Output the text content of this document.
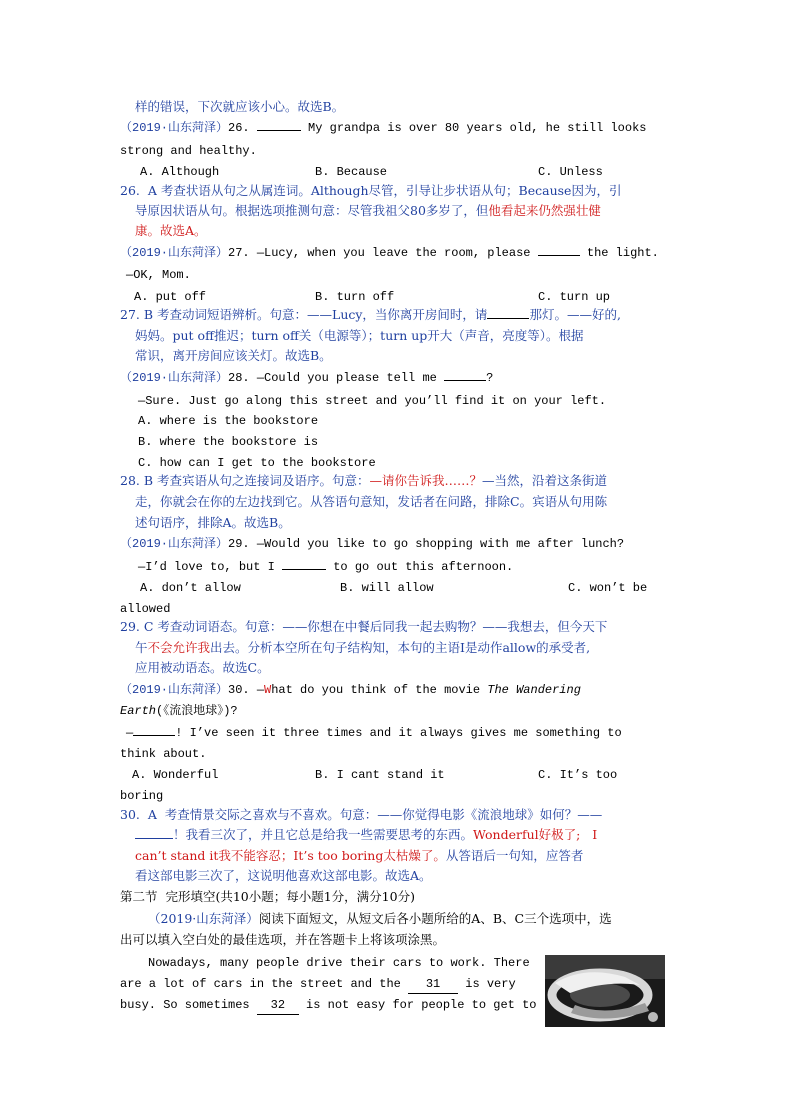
样的错误，下次就应该小心。故选B。
（2019·山东菏泽）26.	My grandpa is over 80 years old, he still looks
strong and healthy.
A. Although	B. Because	C. Unless
26.  A 考查状语从句之从属连词。Although尽管，引导让步状语从句；Because因为，引
导原因状语从句。根据选项推测句意：尽管我祖父80多岁了，但他看起来仍然强壮健
康。故选A。
（2019·山东菏泽）27. —Lucy, when you leave the room, please	the light.
—OK, Mom.
A. put off	B. turn off	C. turn up
27. B 考查动词短语辨析。句意：——Lucy，当你离开房间时，请	那灯。——好的,
妈妈。put off推迟；turn off关（电源等）；turn up开大（声音，亮度等）。根据
常识，离开房间应该关灯。故选B。
（2019·山东菏泽）28. —Could you please tell me	?
—Sure. Just go along this street and you’ll find it on your left.
A. where is the bookstore
B. where the bookstore is
C. how can I get to the bookstore
28. B 考查宾语从句之连接词及语序。句意：—请你告诉我……？—当然，沿着这条街道
走，你就会在你的左边找到它。从答语句意知，发话者在问路，排除C。宾语从句用陈
述句语序，排除A。故选B。
（2019·山东菏泽）29. —Would you like to go shopping with me after lunch?
—I’d love to, but I	to go out this afternoon.
A. don’t allow	B. will allow	C. won’t be
allowed
29. C 考查动词语态。句意：——你想在中餐后同我一起去购物？——我想去，但今天下
午不会允许我出去。分析本空所在句子结构知，本句的主语I是动作allow的承受者,
应用被动语态。故选C。
（2019·山东菏泽）30. —What do you think of the movie The Wandering
Earth(《流浪地球》)?
—	! I’ve seen it three times and it always gives me something to
think about.
A. Wonderful	B. I cant stand it	C. It’s too
boring
30.  A  考查情景交际之喜欢与不喜欢。句意：——你觉得电影《流浪地球》如何？——
！我看三次了，并且它总是给我一些需要思考的东西。Wonderful好极了;   I
can’t stand it我不能容忍；It’s too boring太枯燥了。从答语后一句知，应答者
看这部电影三次了，这说明他喜欢这部电影。故选A。
第二节  完形填空(共10小题；每小题1分，满分10分)
（2019·山东菏泽）阅读下面短文，从短文后各小题所给的A、B、C三个选项中，选
出可以填入空白处的最佳选项，并在答题卡上将该项涂黑。
Nowadays, many people drive their cars to work. There
are a lot of cars in the street and the 31 is very
busy. So sometimes 32 is not easy for people to get to
